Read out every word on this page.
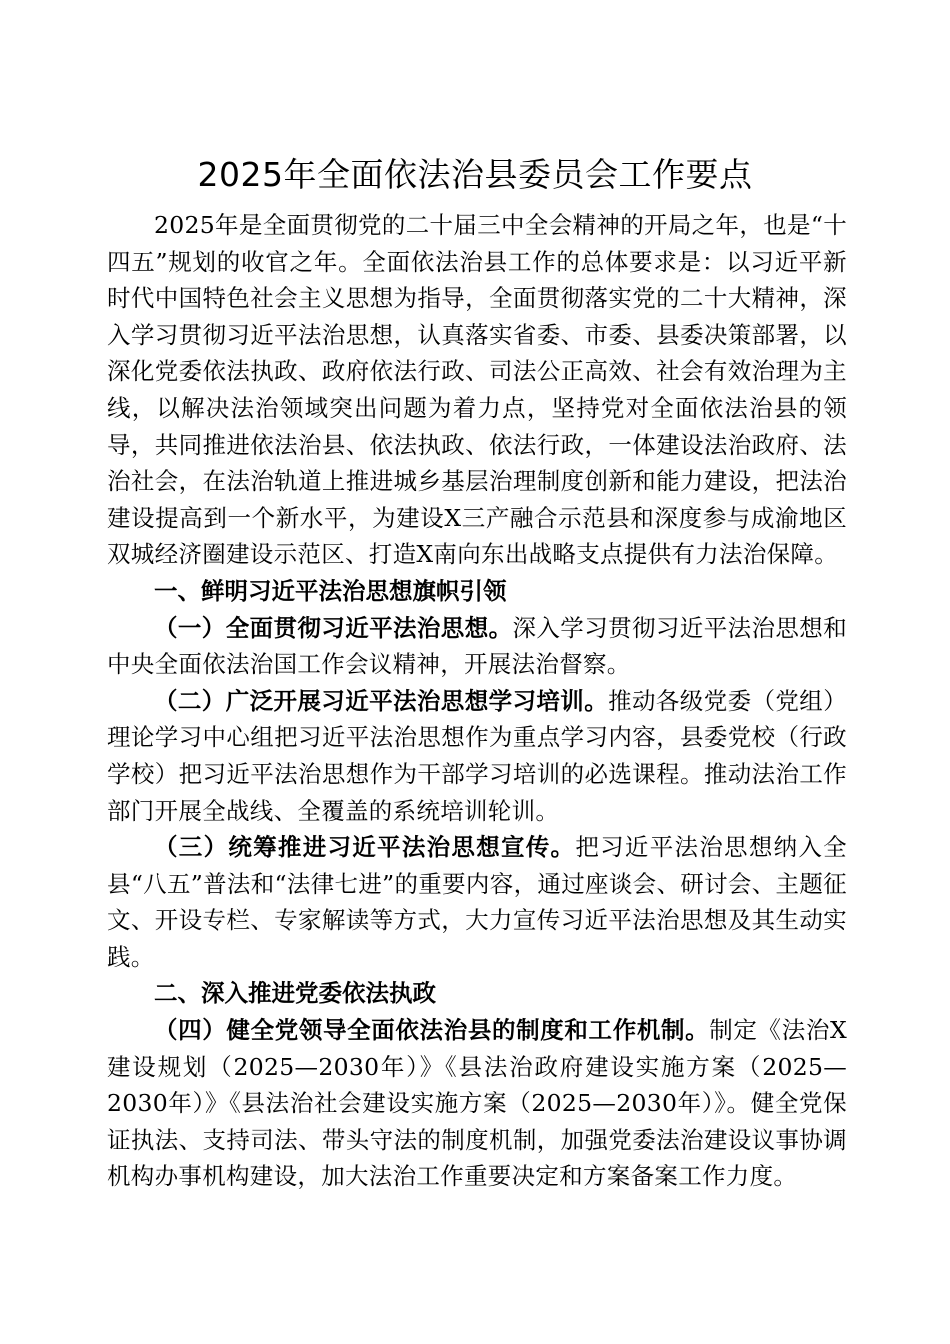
2025年全面依法治县委员会工作要点

2025年是全面贯彻党的二十届三中全会精神的开局之年，也是“十四五”规划的收官之年。全面依法治县工作的总体要求是：以习近平新时代中国特色社会主义思想为指导，全面贯彻落实党的二十大精神，深入学习贯彻习近平法治思想，认真落实省委、市委、县委决策部署，以深化党委依法执政、政府依法行政、司法公正高效、社会有效治理为主线，以解决法治领域突出问题为着力点，坚持党对全面依法治县的领导，共同推进依法治县、依法执政、依法行政，一体建设法治政府、法治社会，在法治轨道上推进城乡基层治理制度创新和能力建设，把法治建设提高到一个新水平，为建设X三产融合示范县和深度参与成渝地区双城经济圈建设示范区、打造X南向东出战略支点提供有力法治保障。

一、鲜明习近平法治思想旗帜引领

（一）全面贯彻习近平法治思想。深入学习贯彻习近平法治思想和中央全面依法治国工作会议精神，开展法治督察。

（二）广泛开展习近平法治思想学习培训。推动各级党委（党组）理论学习中心组把习近平法治思想作为重点学习内容，县委党校（行政学校）把习近平法治思想作为干部学习培训的必选课程。推动法治工作部门开展全战线、全覆盖的系统培训轮训。

（三）统筹推进习近平法治思想宣传。把习近平法治思想纳入全县“八五”普法和“法律七进”的重要内容，通过座谈会、研讨会、主题征文、开设专栏、专家解读等方式，大力宣传习近平法治思想及其生动实践。

二、深入推进党委依法执政

（四）健全党领导全面依法治县的制度和工作机制。制定《法治X建设规划（2025—2030年）》《县法治政府建设实施方案（2025—2030年）》《县法治社会建设实施方案（2025—2030年）》。健全党保证执法、支持司法、带头守法的制度机制，加强党委法治建设议事协调机构办事机构建设，加大法治工作重要决定和方案备案工作力度。
